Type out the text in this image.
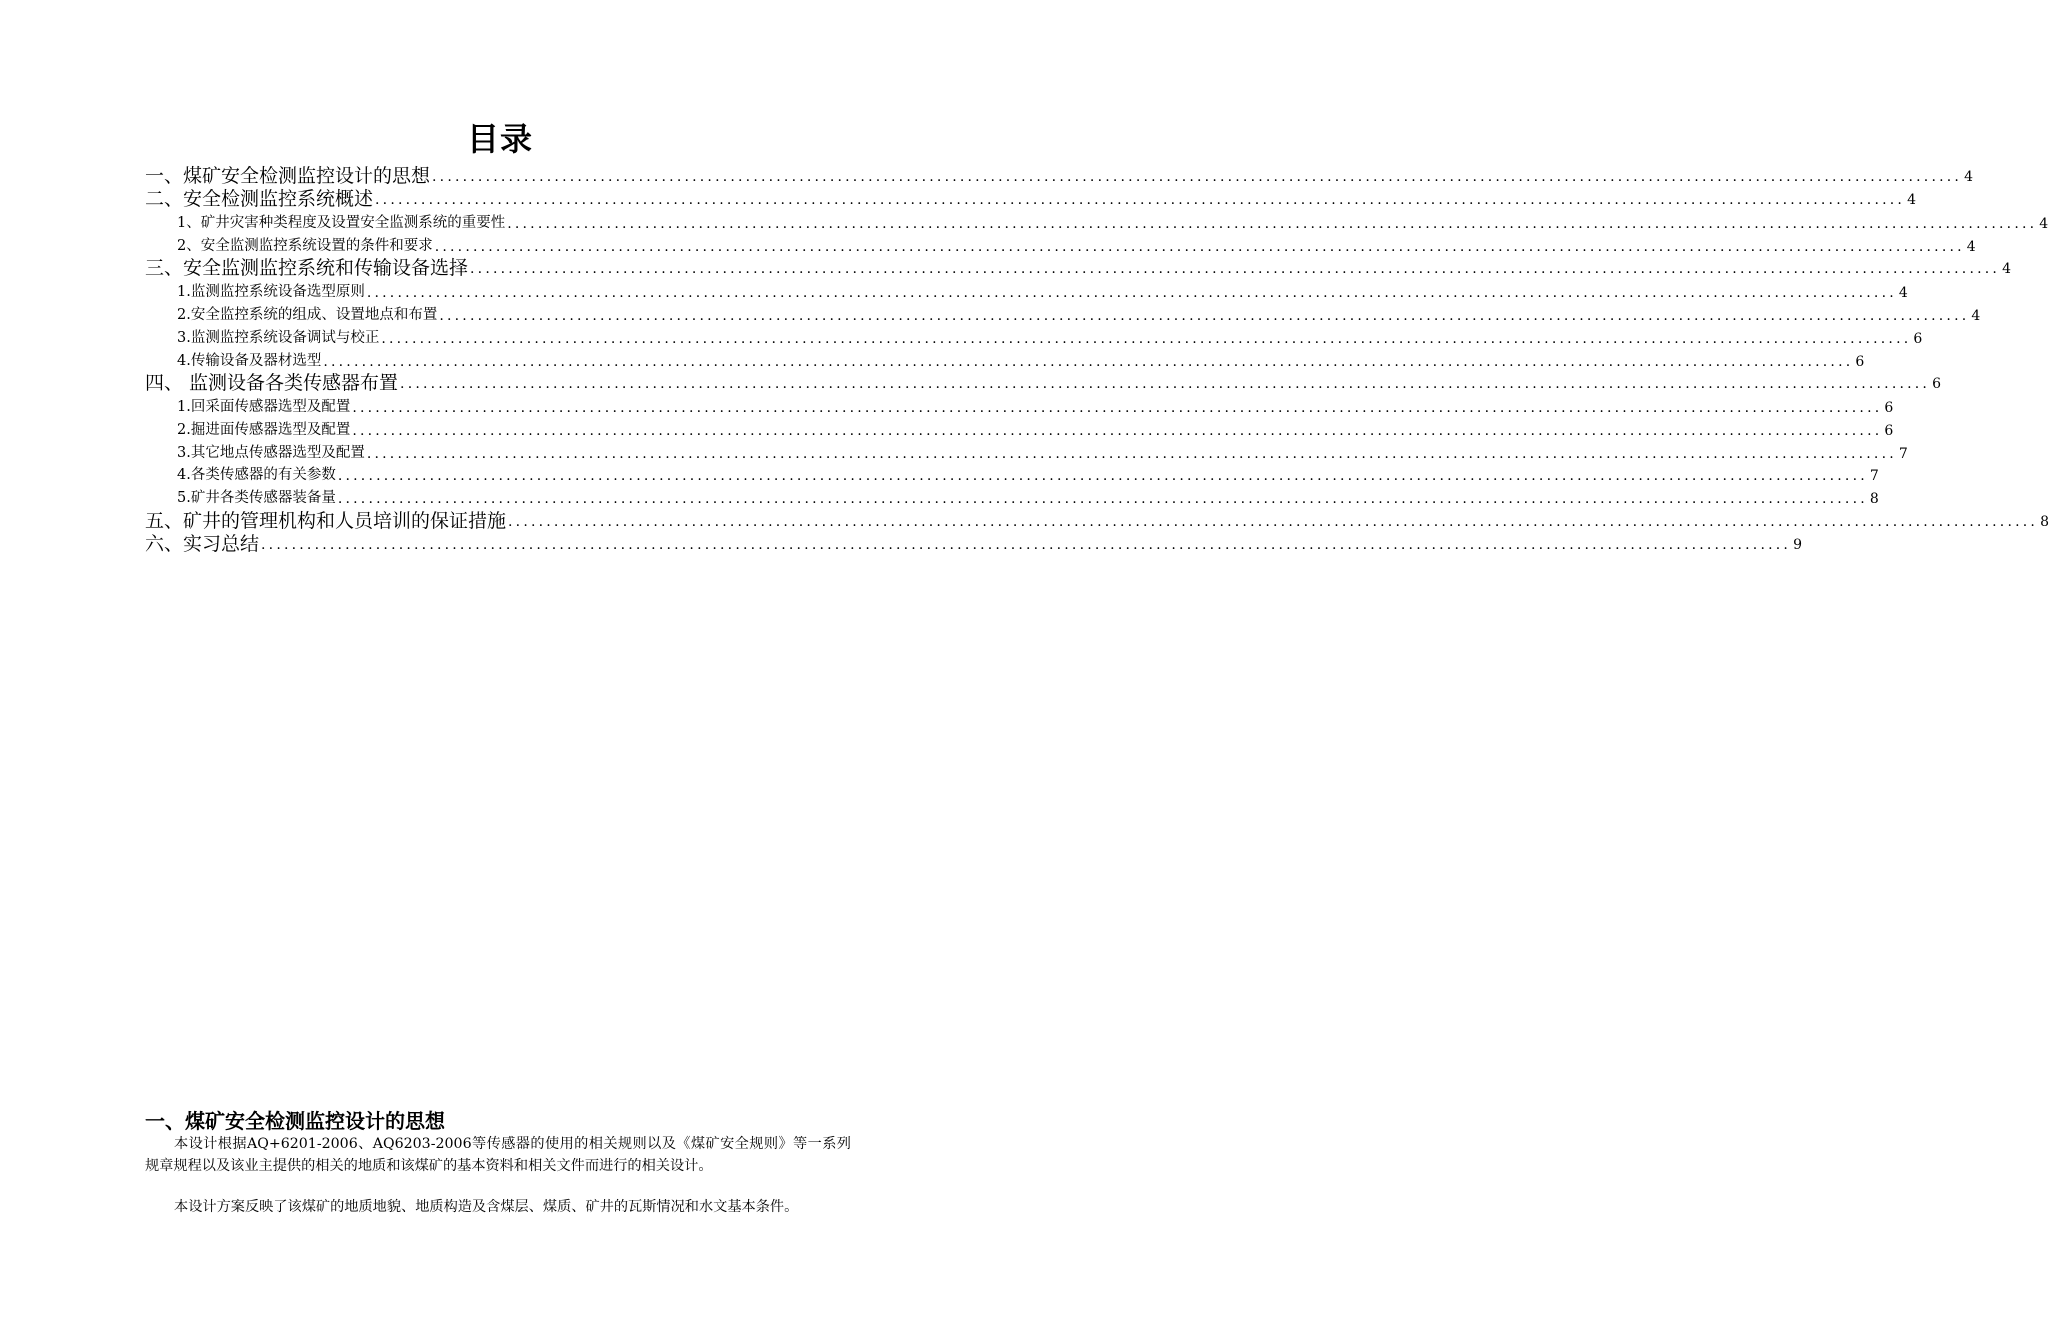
目录
一、煤矿安全检测监控设计的思想 ........................................................................................................................................................................................................ 4
二、安全检测监控系统概述 ........................................................................................................................................................................................................ 4
1、矿井灾害种类程度及设置安全监测系统的重要性 ........................................................................................................................................................................................................ 4
2、安全监测监控系统设置的条件和要求 ........................................................................................................................................................................................................ 4
三、安全监测监控系统和传输设备选择 ........................................................................................................................................................................................................ 4
1.监测监控系统设备选型原则 ........................................................................................................................................................................................................ 4
2.安全监控系统的组成、设置地点和布置 ........................................................................................................................................................................................................ 4
3.监测监控系统设备调试与校正 ........................................................................................................................................................................................................ 6
4.传输设备及器材选型 ........................................................................................................................................................................................................ 6
四、 监测设备各类传感器布置 ........................................................................................................................................................................................................ 6
1.回采面传感器选型及配置 ........................................................................................................................................................................................................ 6
2.掘进面传感器选型及配置 ........................................................................................................................................................................................................ 6
3.其它地点传感器选型及配置 ........................................................................................................................................................................................................ 7
4.各类传感器的有关参数 ........................................................................................................................................................................................................ 7
5.矿井各类传感器装备量 ........................................................................................................................................................................................................ 8
五、矿井的管理机构和人员培训的保证措施 ........................................................................................................................................................................................................ 8
六、实习总结 ........................................................................................................................................................................................................ 9
一、煤矿安全检测监控设计的思想
本设计根据AQ+6201-2006、AQ6203-2006等传感器的使用的相关规则以及《煤矿安全规则》等一系列规章规程以及该业主提供的相关的地质和该煤矿的基本资料和相关文件而进行的相关设计。
本设计方案反映了该煤矿的地质地貌、地质构造及含煤层、煤质、矿井的瓦斯情况和水文基本条件。
